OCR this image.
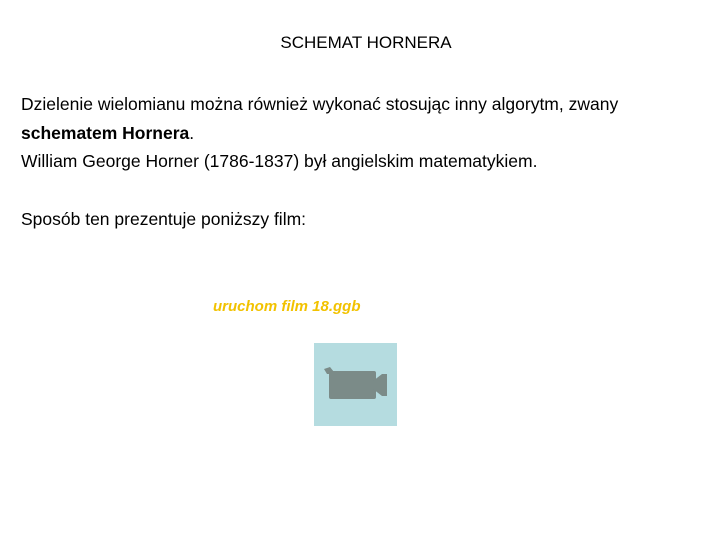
SCHEMAT HORNERA
Dzielenie wielomianu można również wykonać stosując inny algorytm, zwany
schematem Hornera.
William George Horner (1786-1837) był angielskim matematykiem.
Sposób ten prezentuje poniższy film:
uruchom film 18.ggb
